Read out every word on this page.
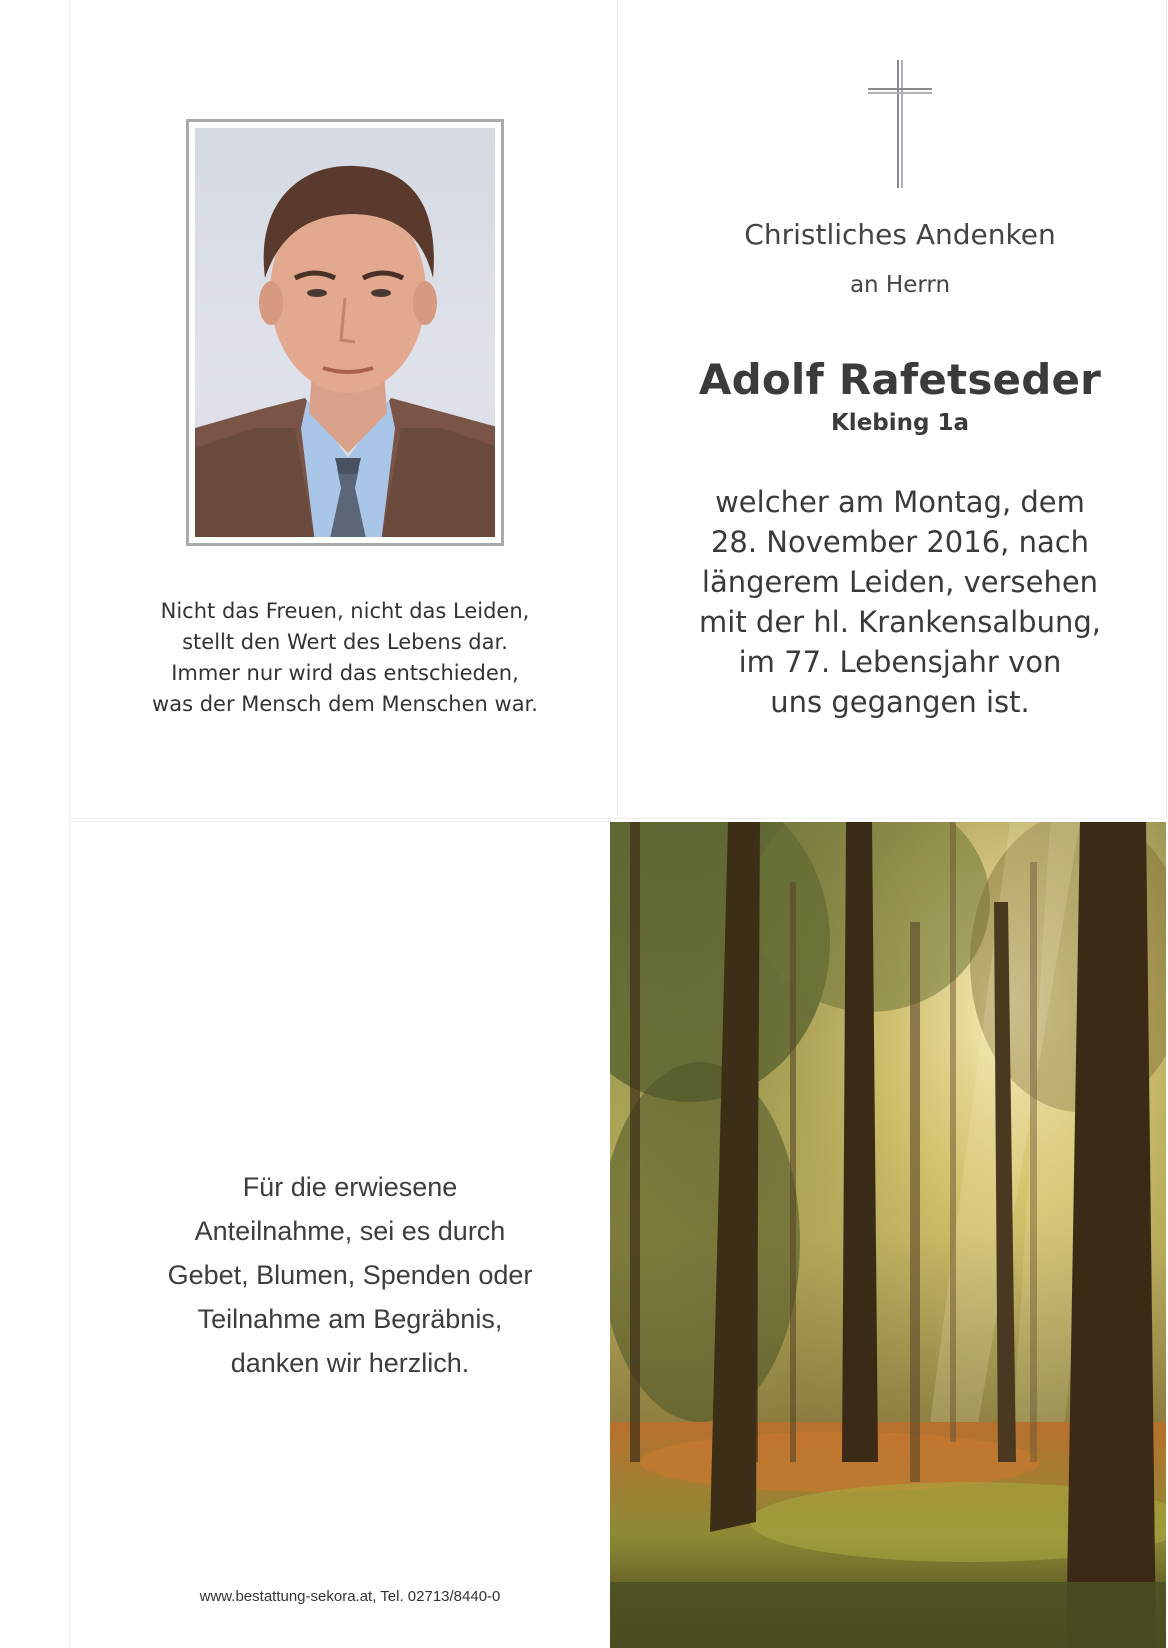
Nicht das Freuen, nicht das Leiden,
stellt den Wert des Lebens dar.
Immer nur wird das entschieden,
was der Mensch dem Menschen war.
Christliches Andenken
an Herrn
Adolf Rafetseder
Klebing 1a
welcher am Montag, dem
28. November 2016, nach
längerem Leiden, versehen
mit der hl. Krankensalbung,
im 77. Lebensjahr von
uns gegangen ist.
Für die erwiesene
Anteilnahme, sei es durch
Gebet, Blumen, Spenden oder
Teilnahme am Begräbnis,
danken wir herzlich.
www.bestattung-sekora.at, Tel. 02713/8440-0
